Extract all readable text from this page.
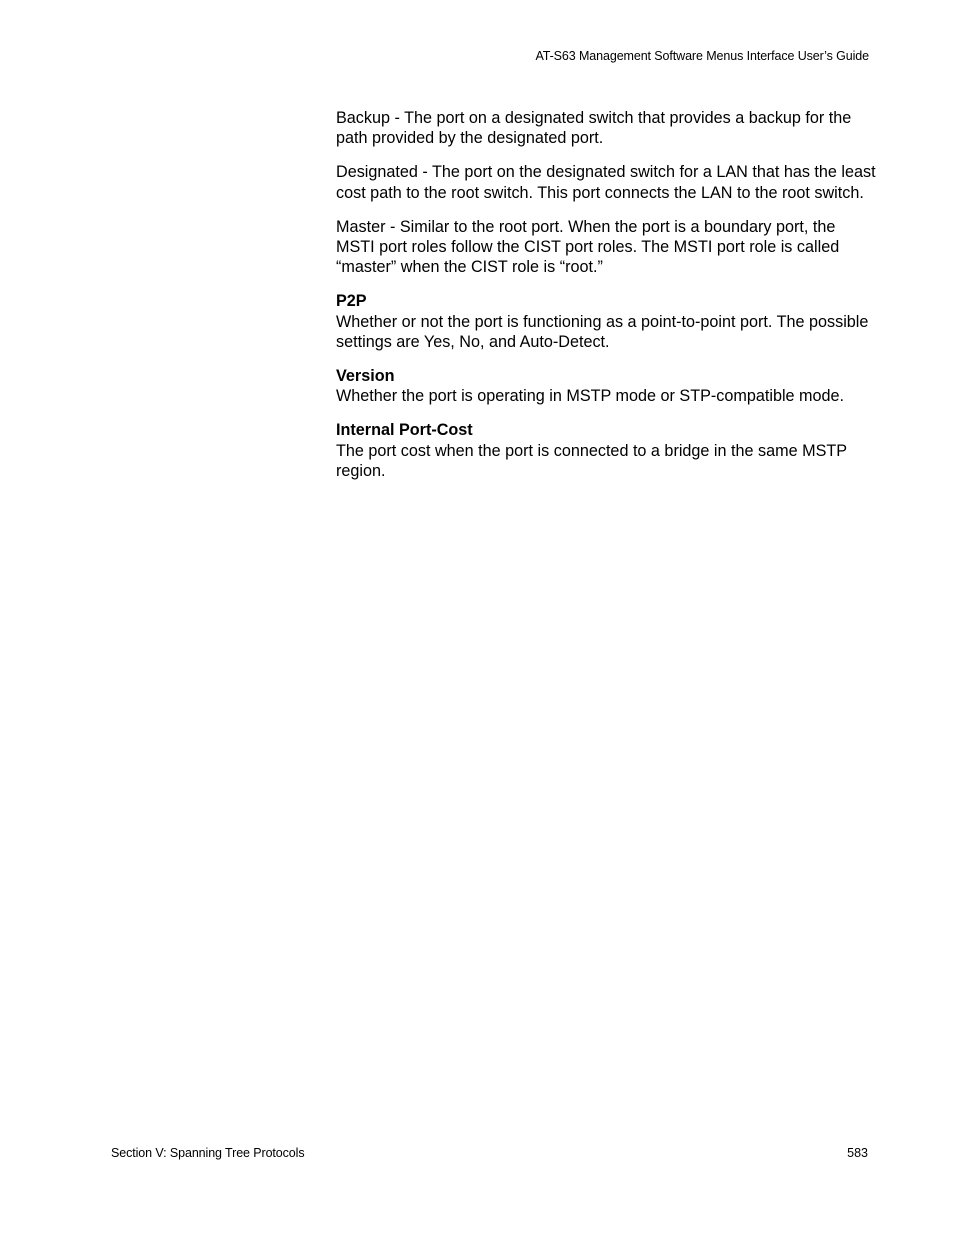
AT-S63 Management Software Menus Interface User’s Guide

Backup - The port on a designated switch that provides a backup for the path provided by the designated port.

Designated - The port on the designated switch for a LAN that has the least cost path to the root switch. This port connects the LAN to the root switch.

Master - Similar to the root port. When the port is a boundary port, the MSTI port roles follow the CIST port roles. The MSTI port role is called “master” when the CIST role is “root.”

P2P
Whether or not the port is functioning as a point-to-point port. The possible settings are Yes, No, and Auto-Detect.
Version
Whether the port is operating in MSTP mode or STP-compatible mode.
Internal Port-Cost
The port cost when the port is connected to a bridge in the same MSTP region.
Section V: Spanning Tree Protocols	583
